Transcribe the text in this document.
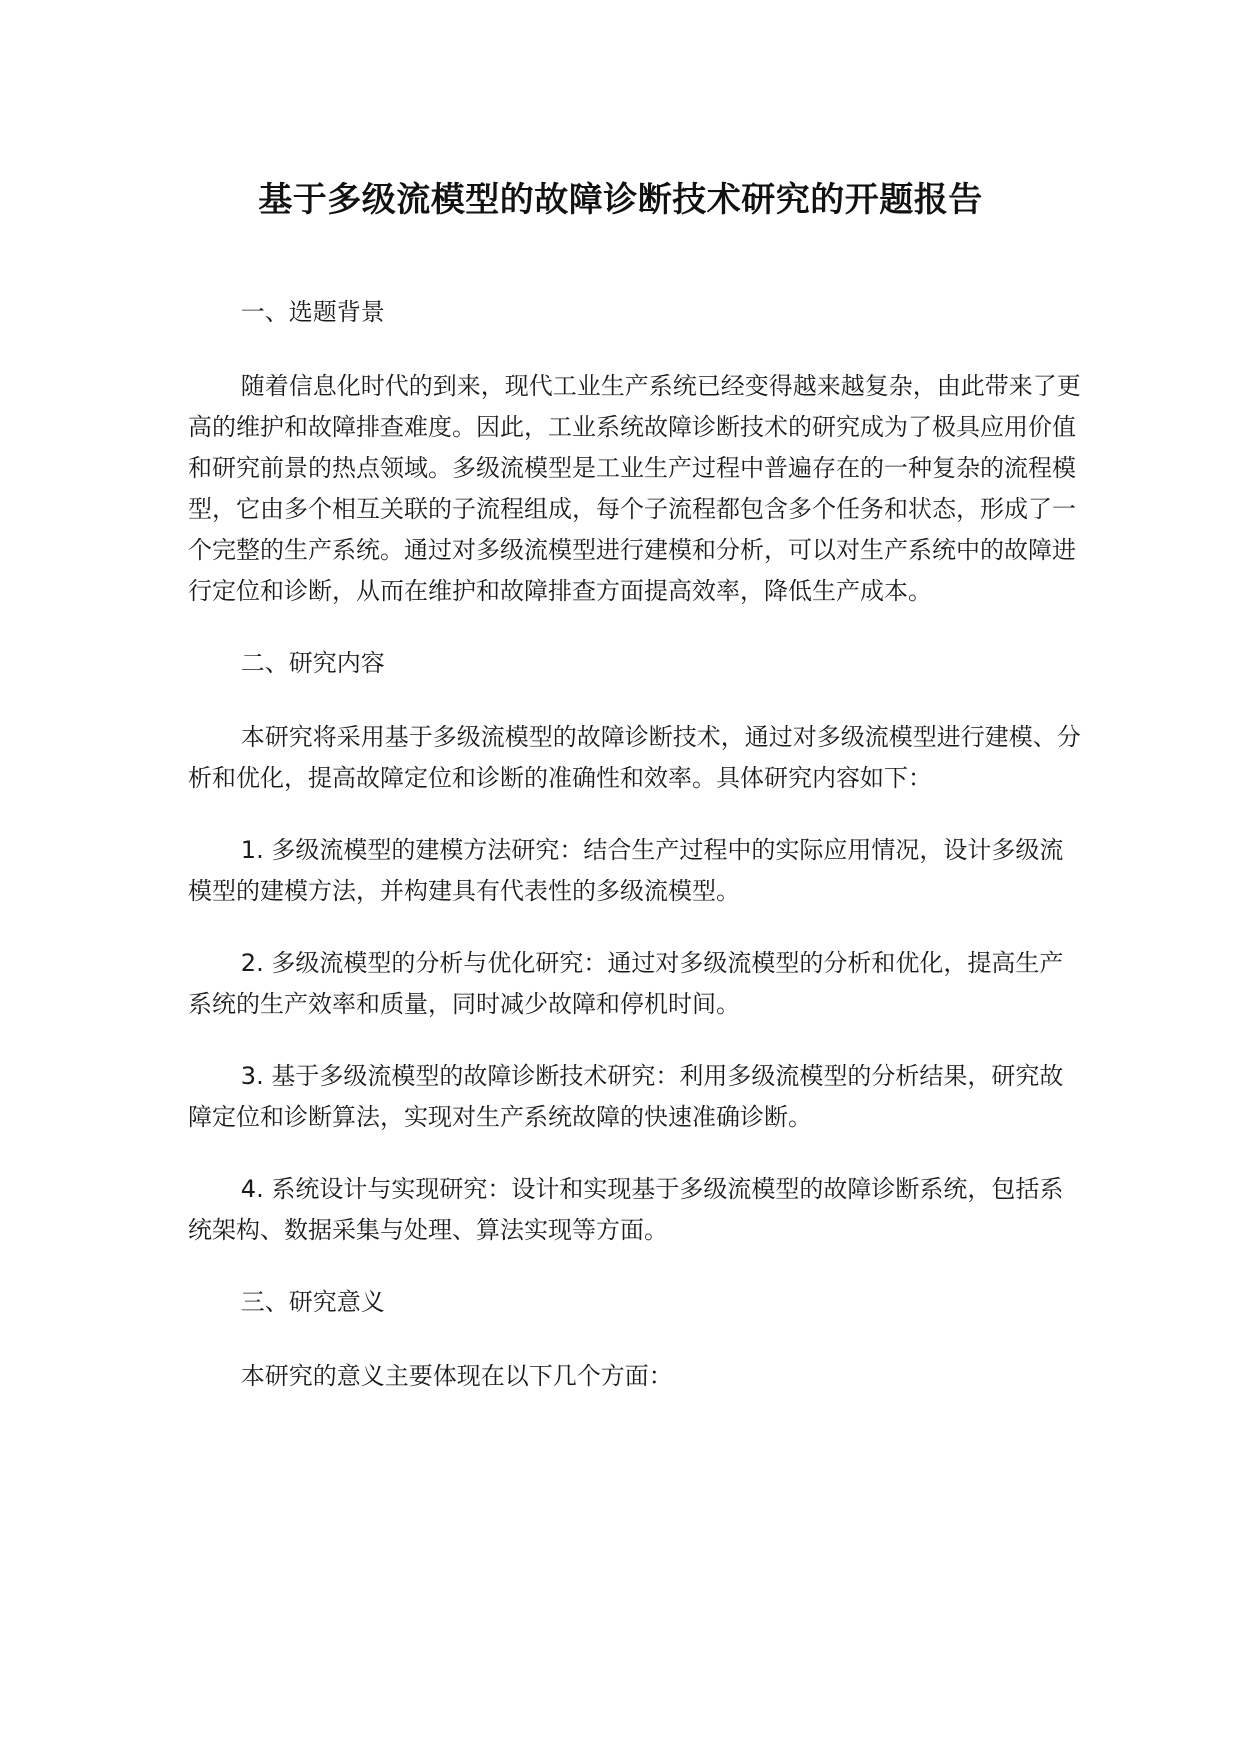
基于多级流模型的故障诊断技术研究的开题报告

一、选题背景

随着信息化时代的到来，现代工业生产系统已经变得越来越复杂，由此带来了更高的维护和故障排查难度。因此，工业系统故障诊断技术的研究成为了极具应用价值和研究前景的热点领域。多级流模型是工业生产过程中普遍存在的一种复杂的流程模型，它由多个相互关联的子流程组成，每个子流程都包含多个任务和状态，形成了一个完整的生产系统。通过对多级流模型进行建模和分析，可以对生产系统中的故障进行定位和诊断，从而在维护和故障排查方面提高效率，降低生产成本。

二、研究内容

本研究将采用基于多级流模型的故障诊断技术，通过对多级流模型进行建模、分析和优化，提高故障定位和诊断的准确性和效率。具体研究内容如下：

1. 多级流模型的建模方法研究：结合生产过程中的实际应用情况，设计多级流模型的建模方法，并构建具有代表性的多级流模型。

2. 多级流模型的分析与优化研究：通过对多级流模型的分析和优化，提高生产系统的生产效率和质量，同时减少故障和停机时间。

3. 基于多级流模型的故障诊断技术研究：利用多级流模型的分析结果，研究故障定位和诊断算法，实现对生产系统故障的快速准确诊断。

4. 系统设计与实现研究：设计和实现基于多级流模型的故障诊断系统，包括系统架构、数据采集与处理、算法实现等方面。

三、研究意义

本研究的意义主要体现在以下几个方面：
